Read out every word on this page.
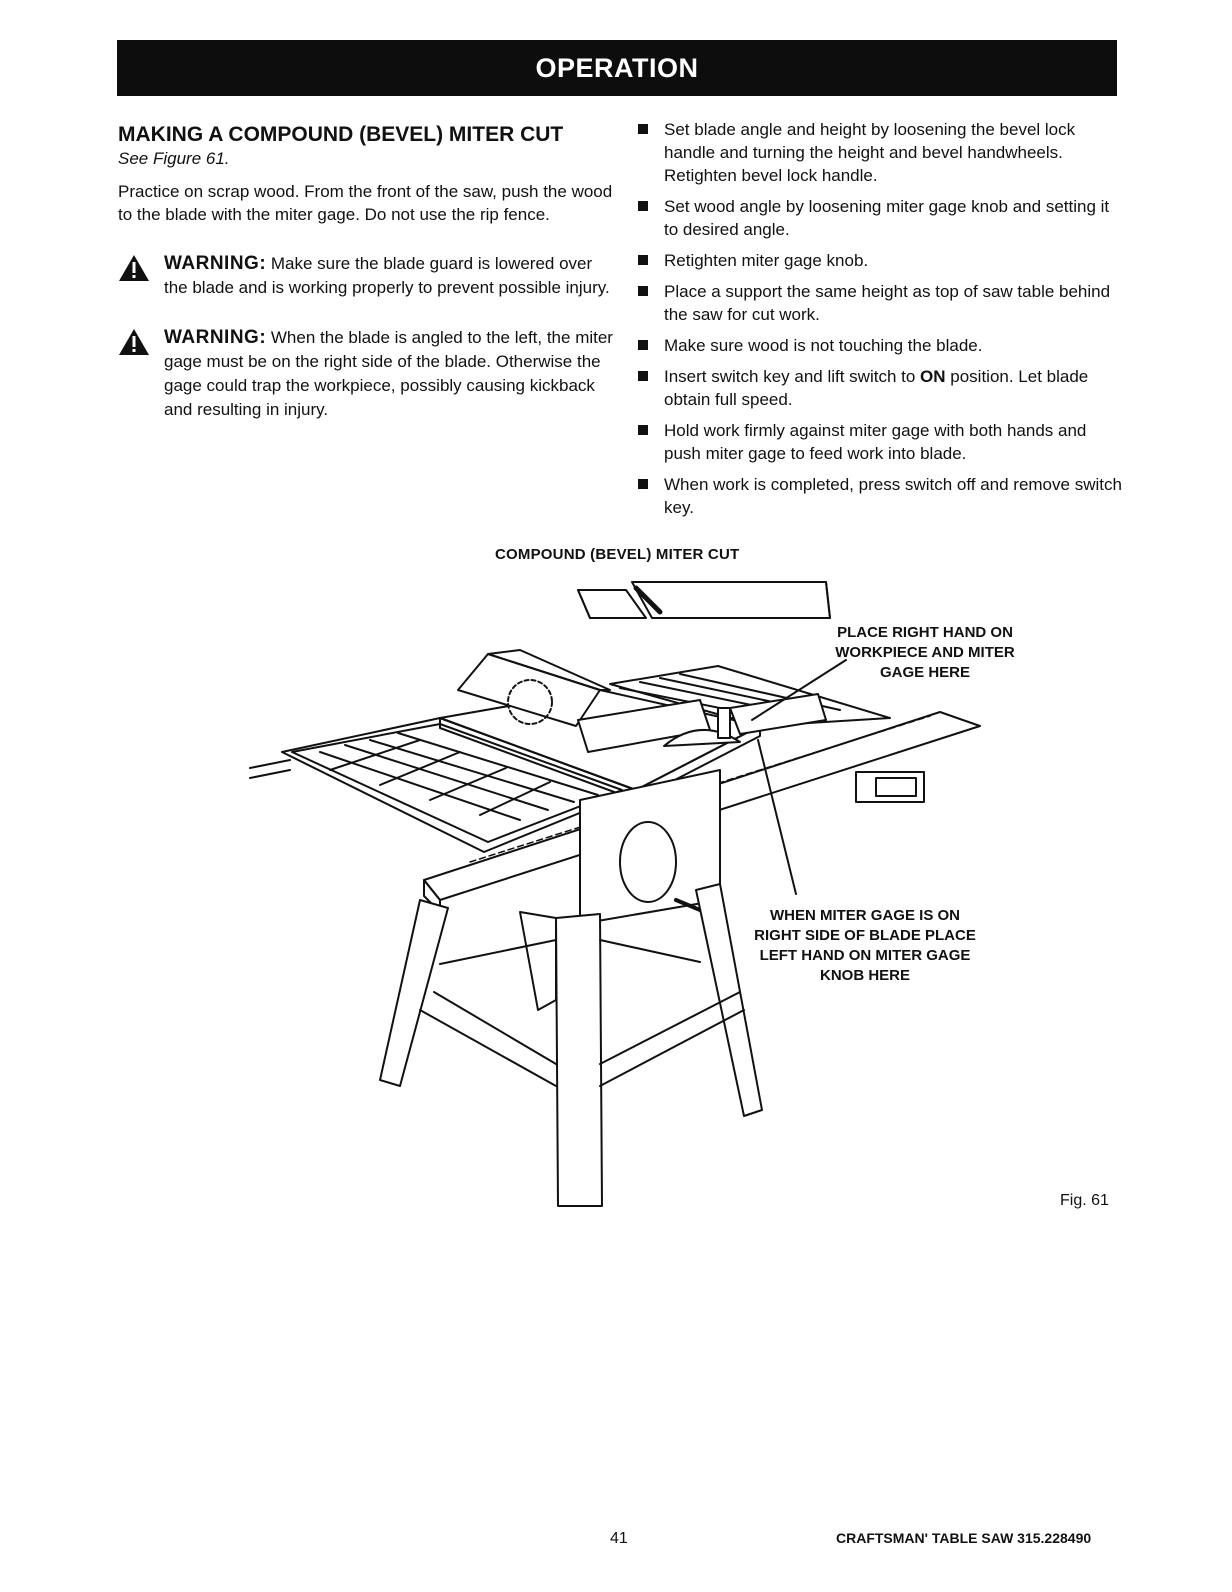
OPERATION
MAKING A COMPOUND (BEVEL) MITER CUT

See Figure 61.

Practice on scrap wood. From the front of the saw, push the wood to the blade with the miter gage. Do not use the rip fence.

WARNING: Make sure the blade guard is lowered over the blade and is working properly to prevent possible injury.
WARNING: When the blade is angled to the left, the miter gage must be on the right side of the blade. Otherwise the gage could trap the workpiece, possibly causing kickback and resulting in injury.
Set blade angle and height by loosening the bevel lock handle and turning the height and bevel handwheels. Retighten bevel lock handle.
Set wood angle by loosening miter gage knob and setting it to desired angle.
Retighten miter gage knob.
Place a support the same height as top of saw table behind the saw for cut work.
Make sure wood is not touching the blade.
Insert switch key and lift switch to ON position. Let blade obtain full speed.
Hold work firmly against miter gage with both hands and push miter gage to feed work into blade.
When work is completed, press switch off and remove switch key.
COMPOUND (BEVEL) MITER CUT
PLACE RIGHT HAND ON
WORKPIECE AND MITER
GAGE HERE
WHEN MITER GAGE IS ON
RIGHT SIDE OF BLADE PLACE
LEFT HAND ON MITER GAGE
KNOB HERE
Fig. 61
41	CRAFTSMAN' TABLE SAW 315.228490
